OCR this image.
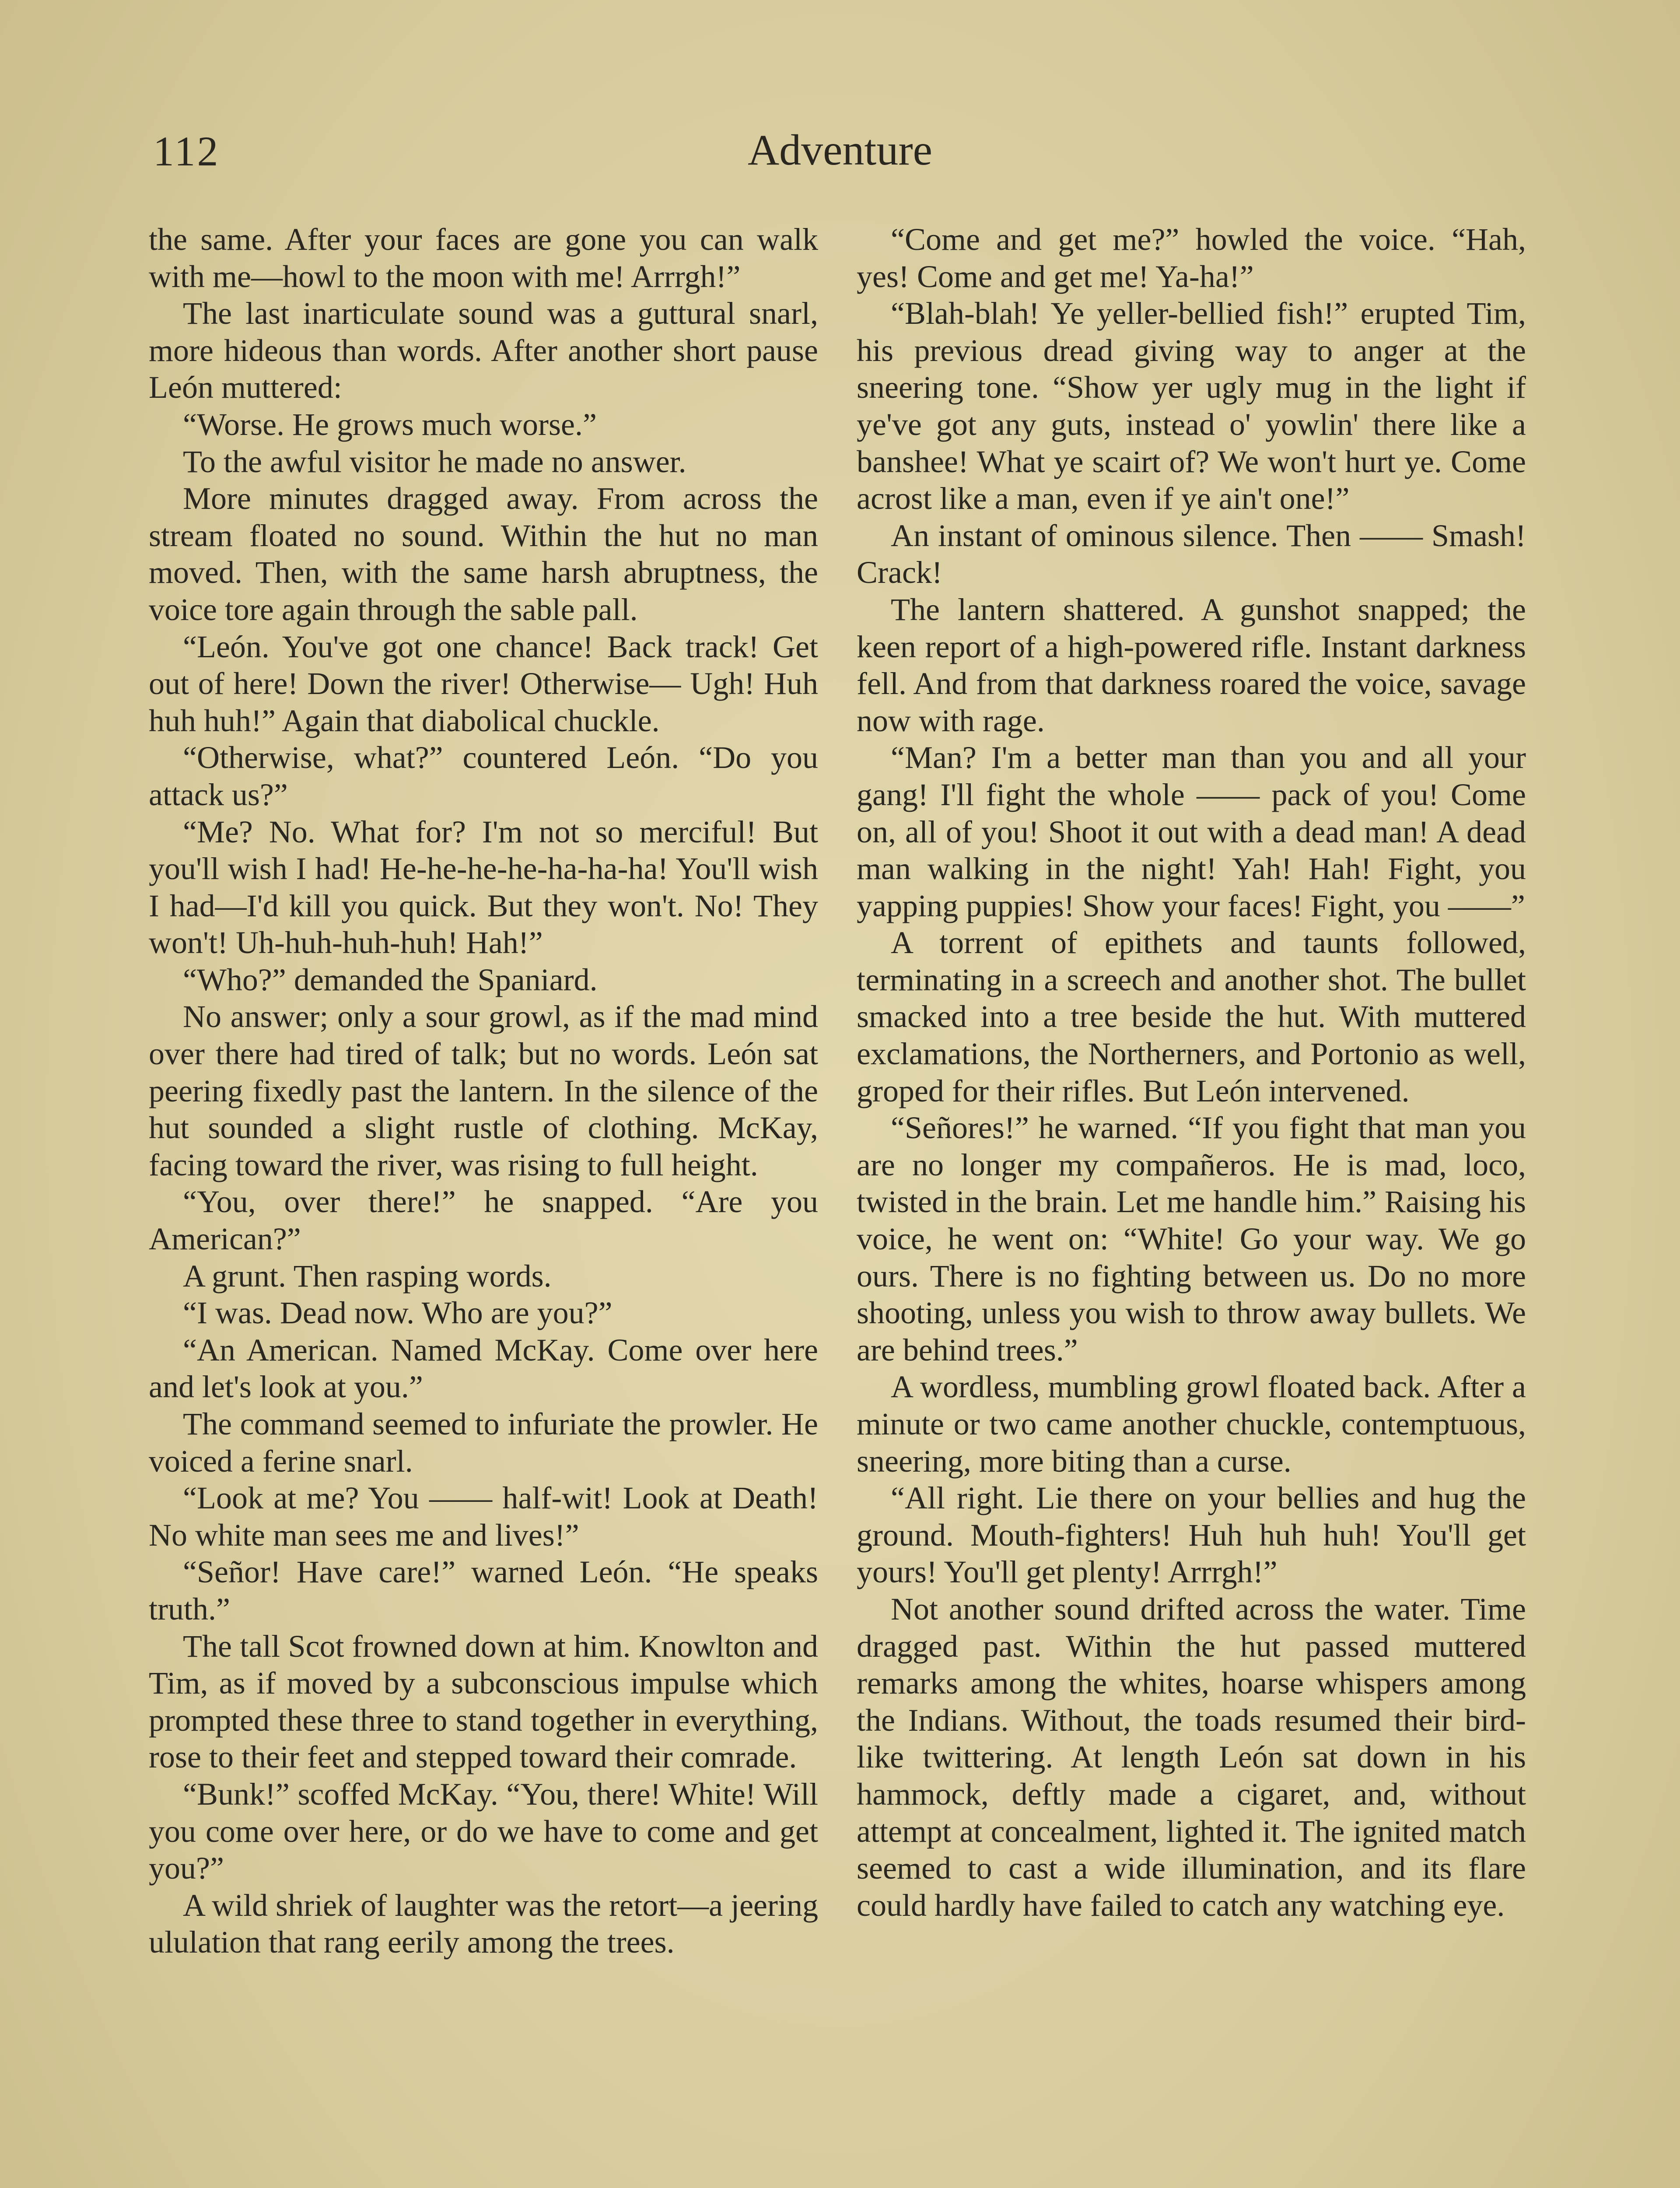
112	Adventure

the same. After your faces are gone you can walk with me—howl to the moon with me! Arrrgh!”

The last inarticulate sound was a guttural snarl, more hideous than words. After another short pause León muttered:

“Worse. He grows much worse.”

To the awful visitor he made no answer.

More minutes dragged away. From across the stream floated no sound. Within the hut no man moved. Then, with the same harsh abruptness, the voice tore again through the sable pall.

“León. You've got one chance! Back track! Get out of here! Down the river! Otherwise— Ugh! Huh huh huh!” Again that diabolical chuckle.

“Otherwise, what?” countered León. “Do you attack us?”

“Me? No. What for? I'm not so merciful! But you'll wish I had! He-he-he-he-ha-ha-ha! You'll wish I had—I'd kill you quick. But they won't. No! They won't! Uh-huh-huh-huh! Hah!”

“Who?” demanded the Spaniard.

No answer; only a sour growl, as if the mad mind over there had tired of talk; but no words. León sat peering fixedly past the lantern. In the silence of the hut sounded a slight rustle of clothing. McKay, facing toward the river, was rising to full height.

“You, over there!” he snapped. “Are you American?”

A grunt. Then rasping words.

“I was. Dead now. Who are you?”

“An American. Named McKay. Come over here and let's look at you.”

The command seemed to infuriate the prowler. He voiced a ferine snarl.

“Look at me? You —— half-wit! Look at Death! No white man sees me and lives!”

“Señor! Have care!” warned León. “He speaks truth.”

The tall Scot frowned down at him. Knowlton and Tim, as if moved by a subconscious impulse which prompted these three to stand together in everything, rose to their feet and stepped toward their comrade.

“Bunk!” scoffed McKay. “You, there! White! Will you come over here, or do we have to come and get you?”

A wild shriek of laughter was the retort—a jeering ululation that rang eerily among the trees.

“Come and get me?” howled the voice. “Hah, yes! Come and get me! Ya-ha!”

“Blah-blah! Ye yeller-bellied fish!” erupted Tim, his previous dread giving way to anger at the sneering tone. “Show yer ugly mug in the light if ye've got any guts, instead o' yowlin' there like a banshee! What ye scairt of? We won't hurt ye. Come acrost like a man, even if ye ain't one!”

An instant of ominous silence. Then —— Smash! Crack!

The lantern shattered. A gunshot snapped; the keen report of a high-powered rifle. Instant darkness fell. And from that darkness roared the voice, savage now with rage.

“Man? I'm a better man than you and all your gang! I'll fight the whole —— pack of you! Come on, all of you! Shoot it out with a dead man! A dead man walking in the night! Yah! Hah! Fight, you yapping puppies! Show your faces! Fight, you ——”

A torrent of epithets and taunts followed, terminating in a screech and another shot. The bullet smacked into a tree beside the hut. With muttered exclamations, the Northerners, and Portonio as well, groped for their rifles. But León intervened.

“Señores!” he warned. “If you fight that man you are no longer my compañeros. He is mad, loco, twisted in the brain. Let me handle him.” Raising his voice, he went on: “White! Go your way. We go ours. There is no fighting between us. Do no more shooting, unless you wish to throw away bullets. We are behind trees.”

A wordless, mumbling growl floated back. After a minute or two came another chuckle, contemptuous, sneering, more biting than a curse.

“All right. Lie there on your bellies and hug the ground. Mouth-fighters! Huh huh huh! You'll get yours! You'll get plenty! Arrrgh!”

Not another sound drifted across the water. Time dragged past. Within the hut passed muttered remarks among the whites, hoarse whispers among the Indians. Without, the toads resumed their bird-like twittering. At length León sat down in his hammock, deftly made a cigaret, and, without attempt at concealment, lighted it. The ignited match seemed to cast a wide illumination, and its flare could hardly have failed to catch any watching eye.
